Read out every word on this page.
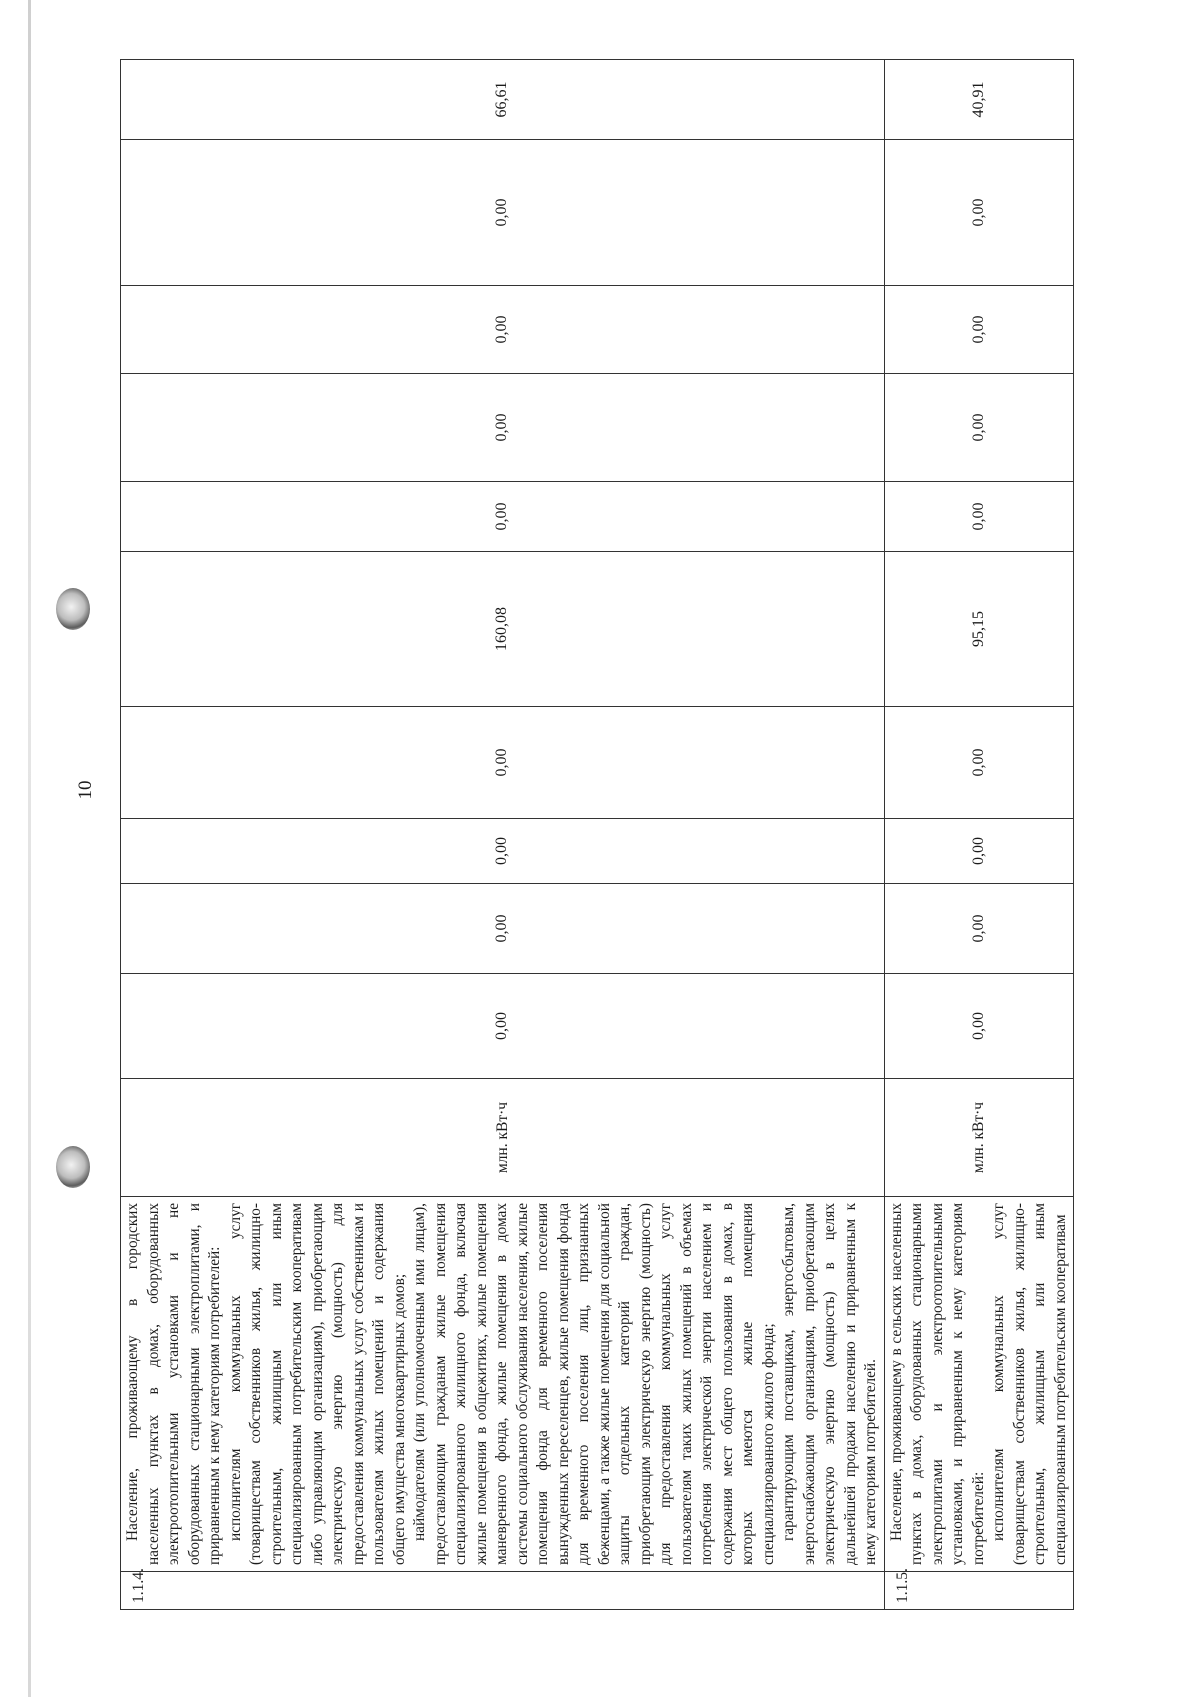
10
1.1.4.	Население, проживающему в городских населенных пунктах в домах, оборудованных электроотопительными установками и не оборудованных стационарными электроплитами, и приравненным к нему категориям потребителей: исполнителям коммунальных услуг (товариществам собственников жилья, жилищно-строительным, жилищным или иным специализированным потребительским кооперативам либо управляющим организациям), приобретающим электрическую энергию (мощность) для предоставления коммунальных услуг собственникам и пользователям жилых помещений и содержания общего имущества многоквартирных домов; наймодателям (или уполномоченным ими лицам), предоставляющим гражданам жилые помещения специализированного жилищного фонда, включая жилые помещения в общежитиях, жилые помещения маневренного фонда, жилые помещения в домах системы социального обслуживания населения, жилые помещения фонда для временного поселения вынужденных переселенцев, жилые помещения фонда для временного поселения лиц, признанных беженцами, а также жилые помещения для социальной защиты отдельных категорий граждан, приобретающим электрическую энергию (мощность) для предоставления коммунальных услуг пользователям таких жилых помещений в объемах потребления электрической энергии населением и содержания мест общего пользования в домах, в которых имеются жилые помещения специализированного жилого фонда; гарантирующим поставщикам, энергосбытовым, энергоснабжающим организациям, приобретающим электрическую энергию (мощность) в целях дальнейшей продажи населению и приравненным к нему категориям потребителей.	млн. кВт·ч	0,00	0,00	0,00	0,00	160,08	0,00	0,00	0,00	0,00	66,61
1.1.5.	Население, проживающему в сельских населенных пунктах в домах, оборудованных стационарными электроплитами и электроотопительными установками, и приравненным к нему категориям потребителей: исполнителям коммунальных услуг (товариществам собственников жилья, жилищно-строительным, жилищным или иным специализированным потребительским кооперативам	млн. кВт·ч	0,00	0,00	0,00	0,00	95,15	0,00	0,00	0,00	0,00	40,91
